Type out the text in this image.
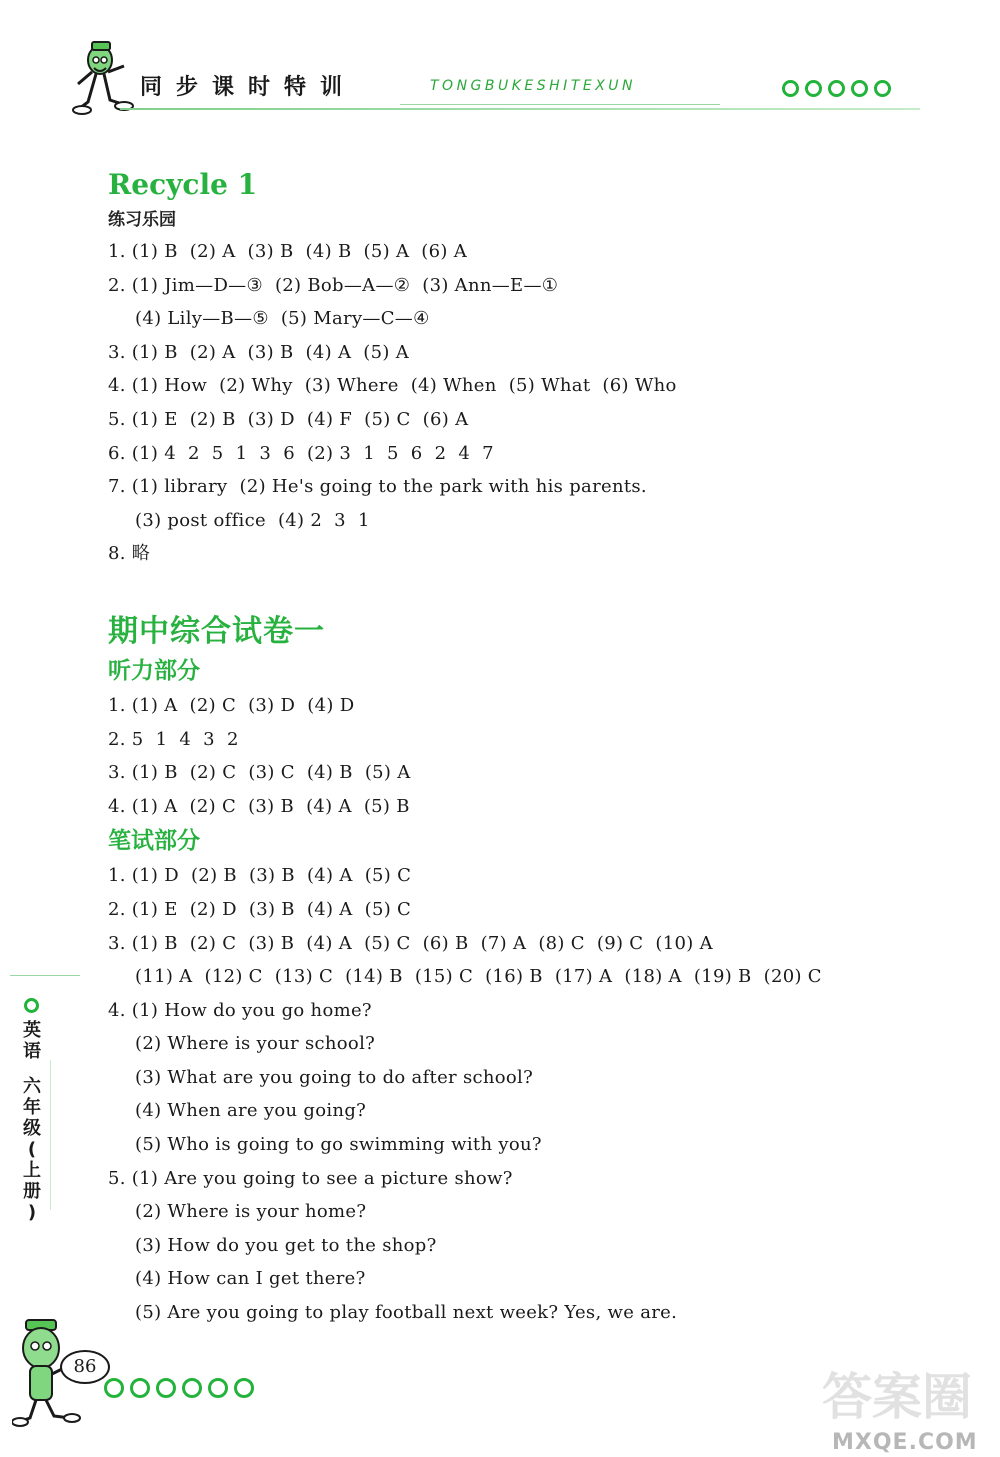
同步课时特训	TONGBUKESHITEXUN
Recycle 1

练习乐园

1. (1) B  (2) A  (3) B  (4) B  (5) A  (6) A

2. (1) Jim—D—③  (2) Bob—A—②  (3) Ann—E—①

(4) Lily—B—⑤  (5) Mary—C—④

3. (1) B  (2) A  (3) B  (4) A  (5) A

4. (1) How  (2) Why  (3) Where  (4) When  (5) What  (6) Who

5. (1) E  (2) B  (3) D  (4) F  (5) C  (6) A

6. (1) 4  2  5  1  3  6  (2) 3  1  5  6  2  4  7

7. (1) library  (2) He's going to the park with his parents.

(3) post office  (4) 2  3  1

8. 略

期中综合试卷一
听力部分

1. (1) A  (2) C  (3) D  (4) D

2. 5  1  4  3  2

3. (1) B  (2) C  (3) C  (4) B  (5) A

4. (1) A  (2) C  (3) B  (4) A  (5) B

笔试部分

1. (1) D  (2) B  (3) B  (4) A  (5) C

2. (1) E  (2) D  (3) B  (4) A  (5) C

3. (1) B  (2) C  (3) B  (4) A  (5) C  (6) B  (7) A  (8) C  (9) C  (10) A

(11) A  (12) C  (13) C  (14) B  (15) C  (16) B  (17) A  (18) A  (19) B  (20) C

4. (1) How do you go home?

(2) Where is your school?

(3) What are you going to do after school?

(4) When are you going?

(5) Who is going to go swimming with you?

5. (1) Are you going to see a picture show?

(2) Where is your home?

(3) How do you get to the shop?

(4) How can I get there?

(5) Are you going to play football next week? Yes, we are.

英
语
六
年
级
(
上
册
)
86
答案圈
MXQE.COM
